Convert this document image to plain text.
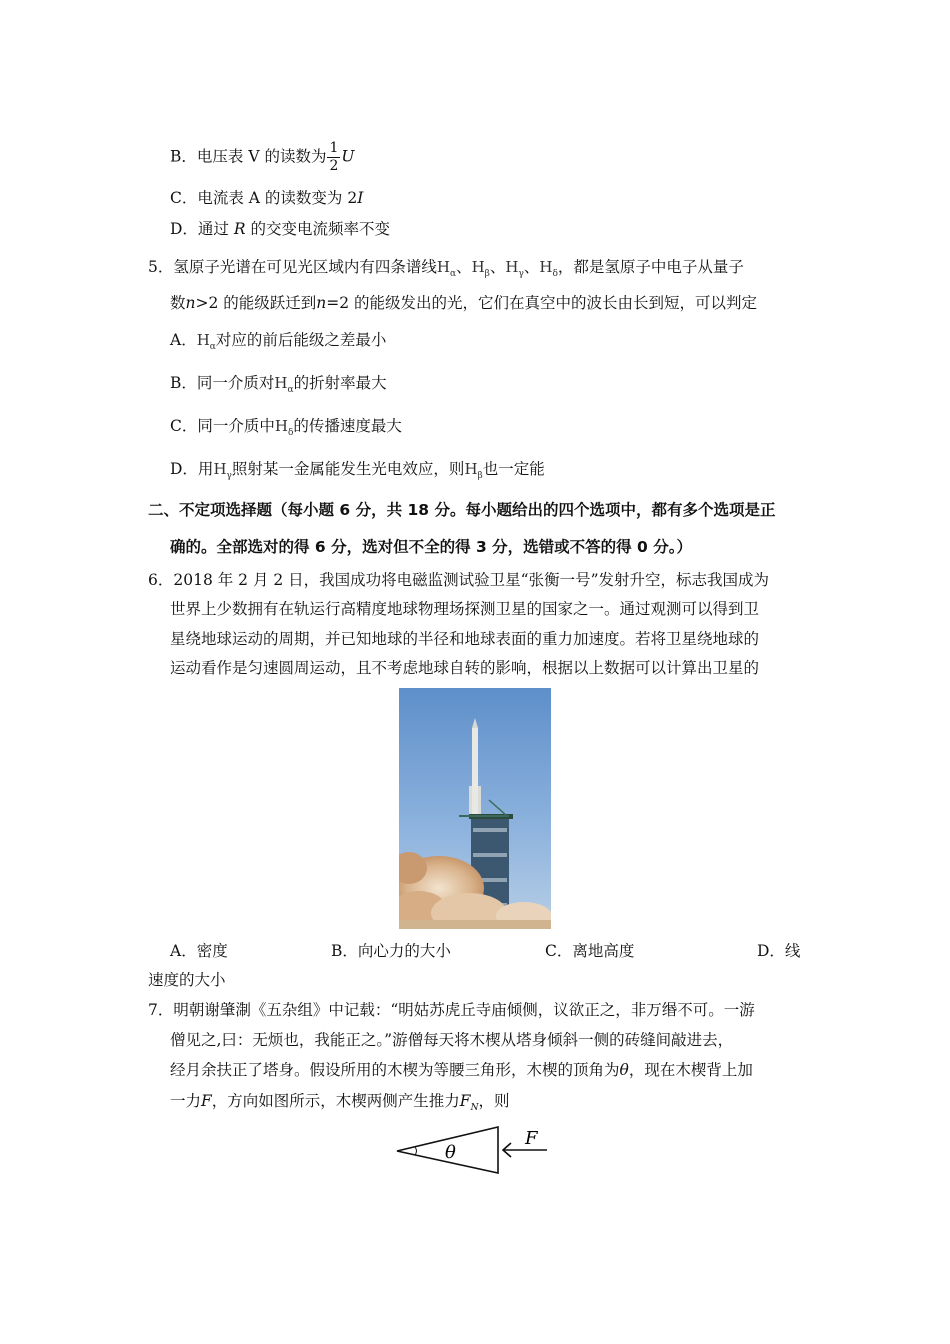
B．电压表 V 的读数为 $\frac{1}{2}$ U
C．电流表 A 的读数变为 2I
D．通过 R 的交变电流频率不变
5．氢原子光谱在可见光区域内有四条谱线$H_\alpha$、$H_\beta$、$H_\gamma$、$H_\delta$，都是氢原子中电子从量子
数n>2 的能级跃迁到n=2 的能级发出的光，它们在真空中的波长由长到短，可以判定
A．$H_\alpha$对应的前后能级之差最小
B．同一介质对$H_\alpha$的折射率最大
C．同一介质中$H_\delta$的传播速度最大
D．用$H_\gamma$照射某一金属能发生光电效应，则$H_\beta$也一定能
二、不定项选择题（每小题 6 分，共 18 分。每小题给出的四个选项中，都有多个选项是正
确的。全部选对的得 6 分，选对但不全的得 3 分，选错或不答的得 0 分。）
6．2018 年 2 月 2 日，我国成功将电磁监测试验卫星“张衡一号”发射升空，标志我国成为
世界上少数拥有在轨运行高精度地球物理场探测卫星的国家之一。通过观测可以得到卫
星绕地球运动的周期，并已知地球的半径和地球表面的重力加速度。若将卫星绕地球的
运动看作是匀速圆周运动，且不考虑地球自转的影响，根据以上数据可以计算出卫星的
A．密度	B．向心力的大小	C．离地高度	D．线
速度的大小
7．明朝谢肇淛《五杂组》中记载：“明姑苏虎丘寺庙倾侧，议欲正之，非万缗不可。一游
僧见之,曰：无烦也，我能正之。”游僧每天将木楔从塔身倾斜一侧的砖缝间敲进去，
经月余扶正了塔身。假设所用的木楔为等腰三角形，木楔的顶角为θ，现在木楔背上加
一力F，方向如图所示，木楔两侧产生推力$F_N$，则
θ
F
